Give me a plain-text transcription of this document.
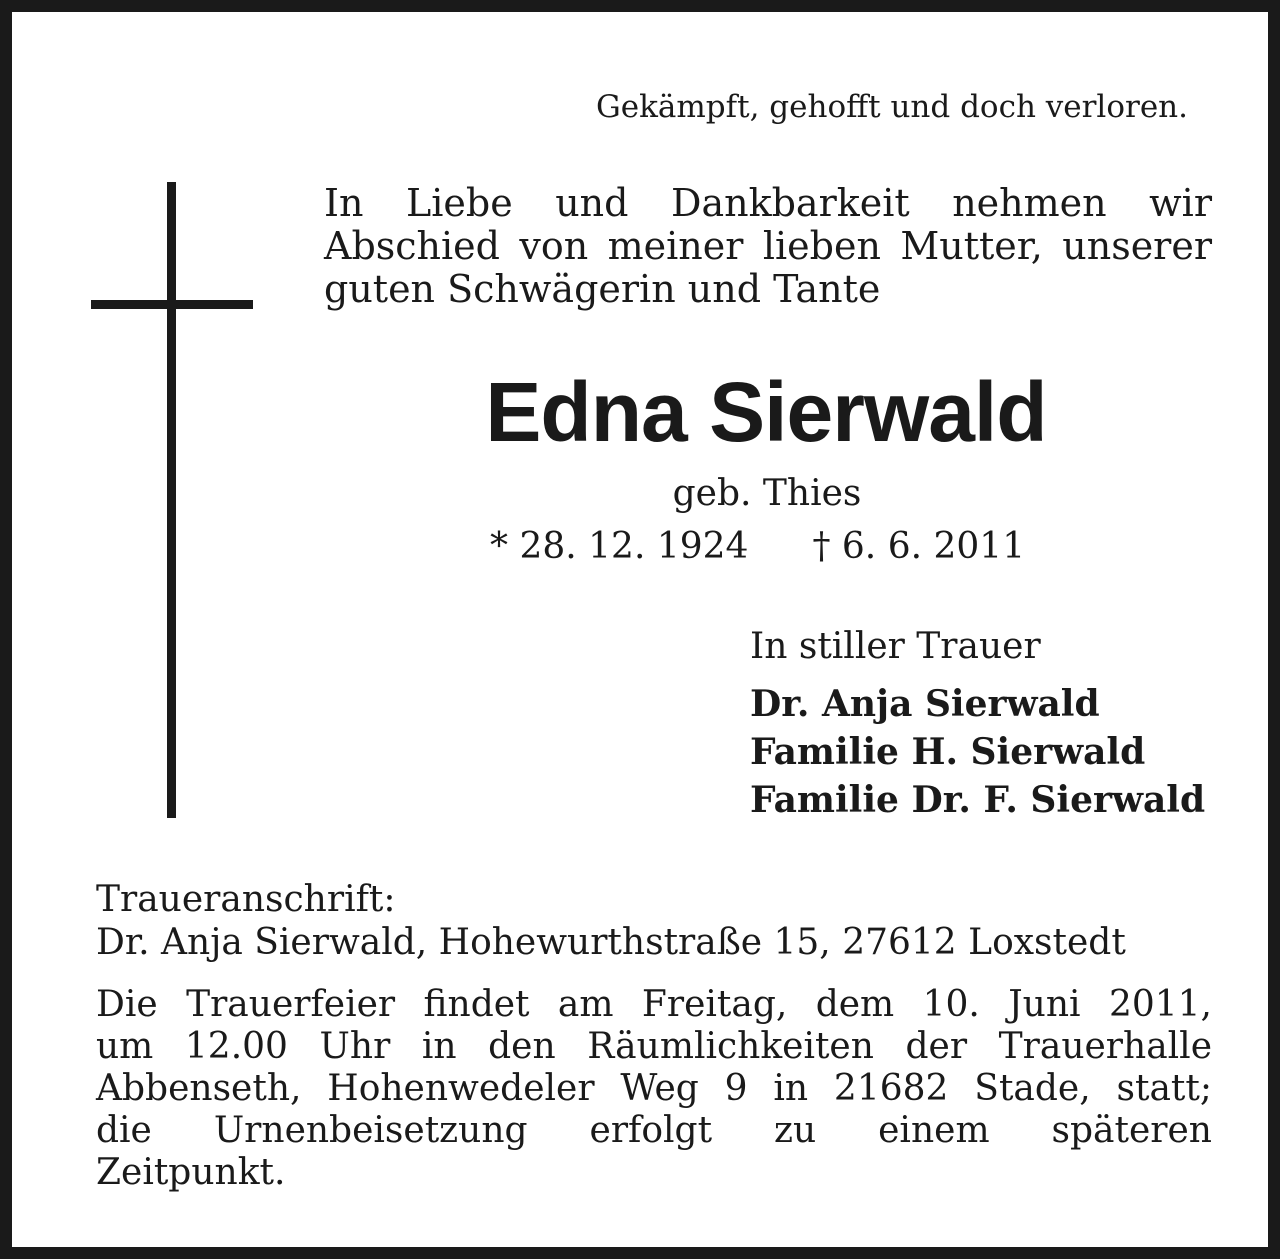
Gekämpft, gehofft und doch verloren.
In Liebe und Dankbarkeit nehmen wir
Abschied von meiner lieben Mutter, unserer
guten Schwägerin und Tante
Edna Sierwald
geb. Thies
* 28. 12. 1924 † 6. 6. 2011
In stiller Trauer
Dr. Anja Sierwald
Familie H. Sierwald
Familie Dr. F. Sierwald
Traueranschrift:
Dr. Anja Sierwald, Hohewurthstraße 15, 27612 Loxstedt
Die Trauerfeier findet am Freitag, dem 10. Juni 2011,
um 12.00 Uhr in den Räumlichkeiten der Trauerhalle
Abbenseth, Hohenwedeler Weg 9 in 21682 Stade, statt;
die Urnenbeisetzung erfolgt zu einem späteren
Zeitpunkt.
